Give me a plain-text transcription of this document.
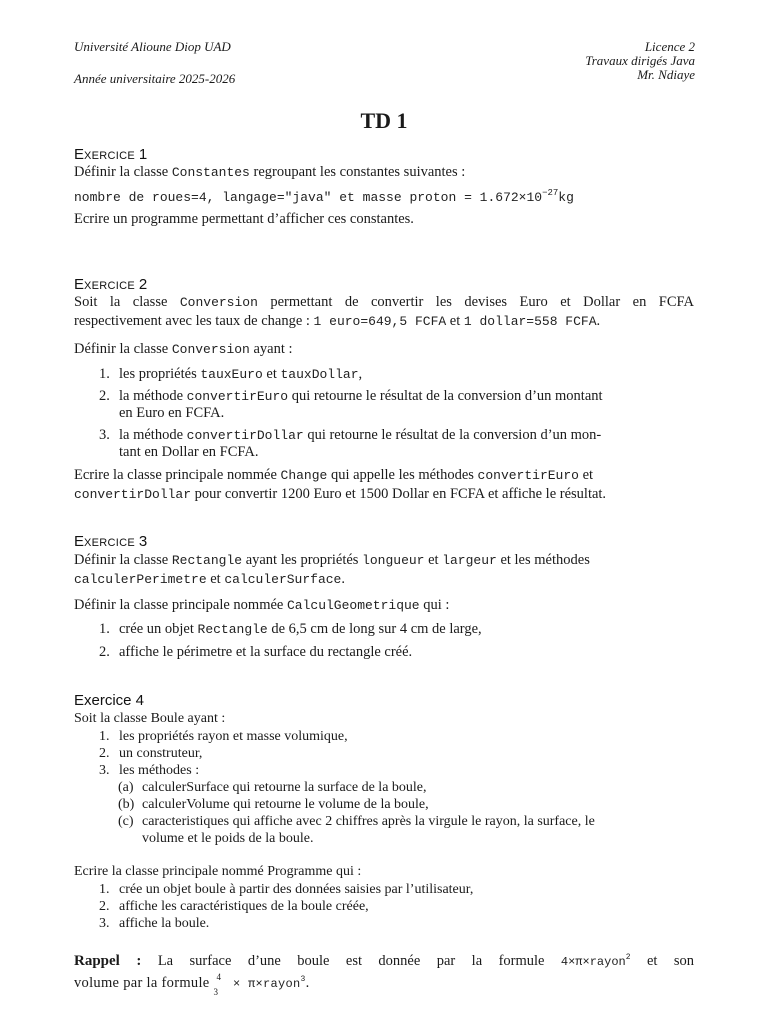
Université Alioune Diop UAD
Année universitaire 2025-2026
Licence 2
Travaux dirigés Java
Mr. Ndiaye
TD 1
EXERCICE 1
Définir la classe Constantes regroupant les constantes suivantes :
nombre de roues=4, langage="java" et masse proton = $1.672\times 10^{-27}kg$
Ecrire un programme permettant d’afficher ces constantes.
EXERCICE 2
Soit la classe Conversion permettant de convertir les devises Euro et Dollar en FCFA
respectivement avec les taux de change : 1 euro=649,5 FCFA et 1 dollar=558 FCFA.
Définir la classe Conversion ayant :
1. les propriétés tauxEuro et tauxDollar,
2. la méthode convertirEuro qui retourne le résultat de la conversion d’un montant
en Euro en FCFA.
3. la méthode convertirDollar qui retourne le résultat de la conversion d’un mon-
tant en Dollar en FCFA.
Ecrire la classe principale nommée Change qui appelle les méthodes convertirEuro et
convertirDollar pour convertir 1200 Euro et 1500 Dollar en FCFA et affiche le résultat.
EXERCICE 3
Définir la classe Rectangle ayant les propriétés longueur et largeur et les méthodes
calculerPerimetre et calculerSurface.
Définir la classe principale nommée CalculGeometrique qui :
1. crée un objet Rectangle de 6,5 cm de long sur 4 cm de large,
2. affiche le périmetre et la surface du rectangle créé.
Exercice 4
Soit la classe Boule ayant :
1. les propriétés rayon et masse volumique,
2. un construteur,
3. les méthodes :
(a) calculerSurface qui retourne la surface de la boule,
(b) calculerVolume qui retourne le volume de la boule,
(c) caracteristiques qui affiche avec 2 chiffres après la virgule le rayon, la surface, le
volume et le poids de la boule.
Ecrire la classe principale nommé Programme qui :
1. crée un objet boule à partir des données saisies par l’utilisateur,
2. affiche les caractéristiques de la boule créée,
3. affiche la boule.
Rappel : La surface d’une boule est donnée par la formule 4×π×rayon$^2$ et son
volume par la formule 4
3
× π×rayon$^3$.
